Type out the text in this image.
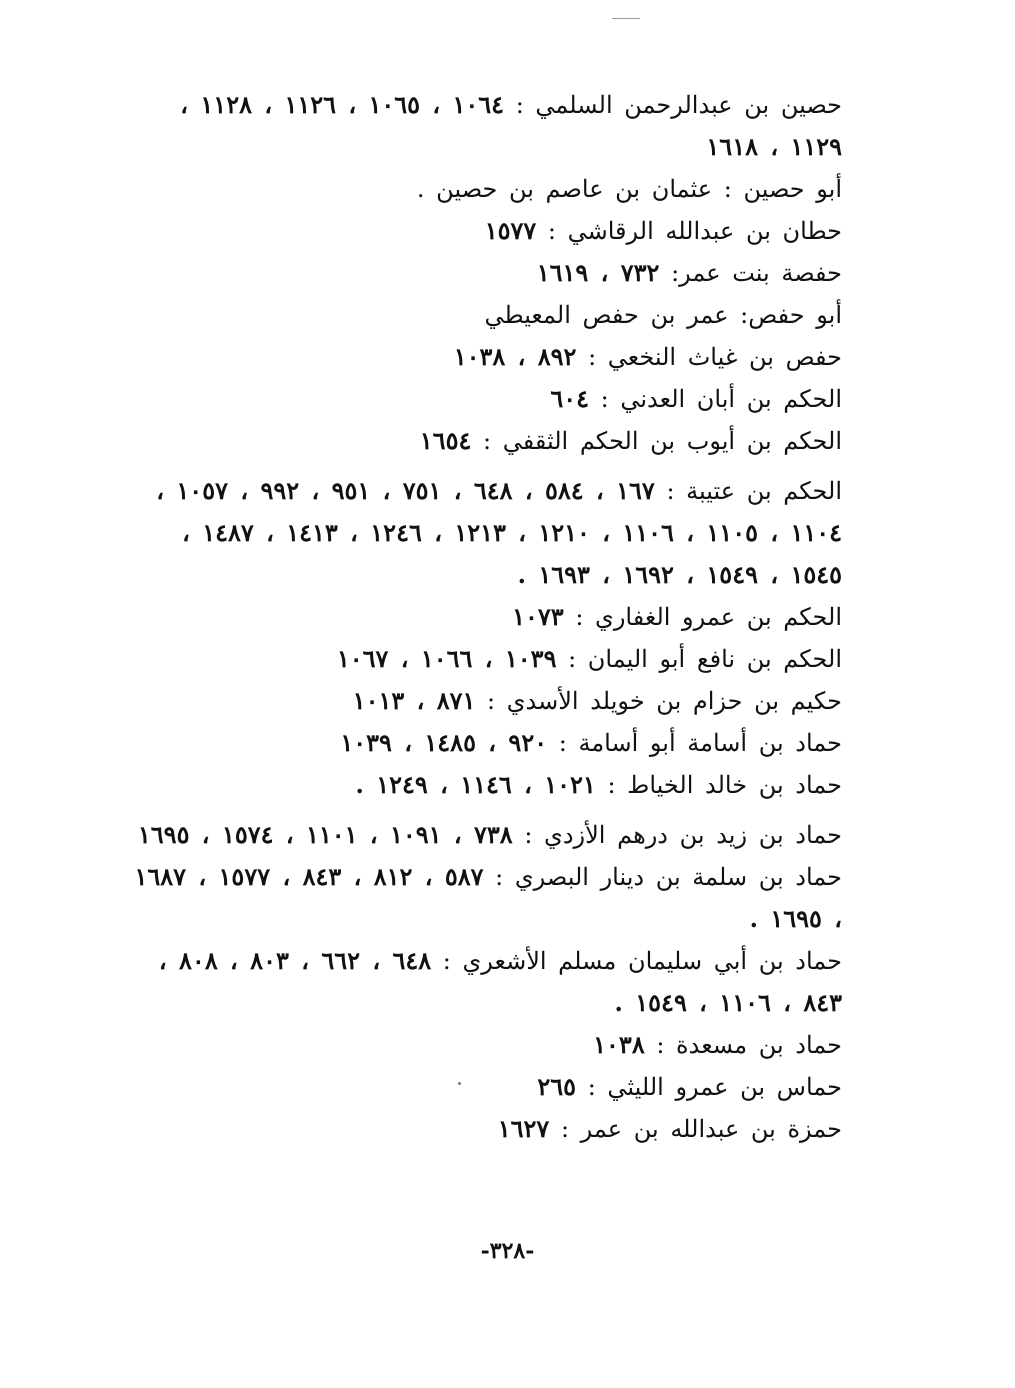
حصين بن عبدالرحمن السلمي : ١٠٦٤ ، ١٠٦٥ ، ١١٢٦ ، ١١٢٨ ، ١١٢٩ ، ١٦١٨

أبو حصين : عثمان بن عاصم بن حصين .

حطان بن عبدالله الرقاشي : ١٥٧٧

حفصة بنت عمر: ٧٣٢ ، ١٦١٩

أبو حفص: عمر بن حفص المعيطي

حفص بن غياث النخعي : ٨٩٢ ، ١٠٣٨

الحكم بن أبان العدني : ٦٠٤

الحكم بن أيوب بن الحكم الثقفي : ١٦٥٤

الحكم بن عتيبة : ١٦٧ ، ٥٨٤ ، ٦٤٨ ، ٧٥١ ، ٩٥١ ، ٩٩٢ ، ١٠٥٧ ، ١١٠٤ ، ١١٠٥ ، ١١٠٦ ، ١٢١٠ ، ١٢١٣ ، ١٢٤٦ ، ١٤١٣ ، ١٤٨٧ ، ١٥٤٥ ، ١٥٤٩ ، ١٦٩٢ ، ١٦٩٣ .

الحكم بن عمرو الغفاري : ١٠٧٣

الحكم بن نافع أبو اليمان : ١٠٣٩ ، ١٠٦٦ ، ١٠٦٧

حكيم بن حزام بن خويلد الأسدي : ٨٧١ ، ١٠١٣

حماد بن أسامة أبو أسامة : ٩٢٠ ، ١٤٨٥ ، ١٠٣٩

حماد بن خالد الخياط : ١٠٢١ ، ١١٤٦ ، ١٢٤٩ .

حماد بن زيد بن درهم الأزدي : ٧٣٨ ، ١٠٩١ ، ١١٠١ ، ١٥٧٤ ، ١٦٩٥

حماد بن سلمة بن دينار البصري : ٥٨٧ ، ٨١٢ ، ٨٤٣ ، ١٥٧٧ ، ١٦٨٧ ، ١٦٩٥ .

حماد بن أبي سليمان مسلم الأشعري : ٦٤٨ ، ٦٦٢ ، ٨٠٣ ، ٨٠٨ ، ٨٤٣ ، ١١٠٦ ، ١٥٤٩ .

حماد بن مسعدة : ١٠٣٨

حماس بن عمرو الليثي : ٢٦٥

حمزة بن عبدالله بن عمر : ١٦٢٧

-٣٢٨-
